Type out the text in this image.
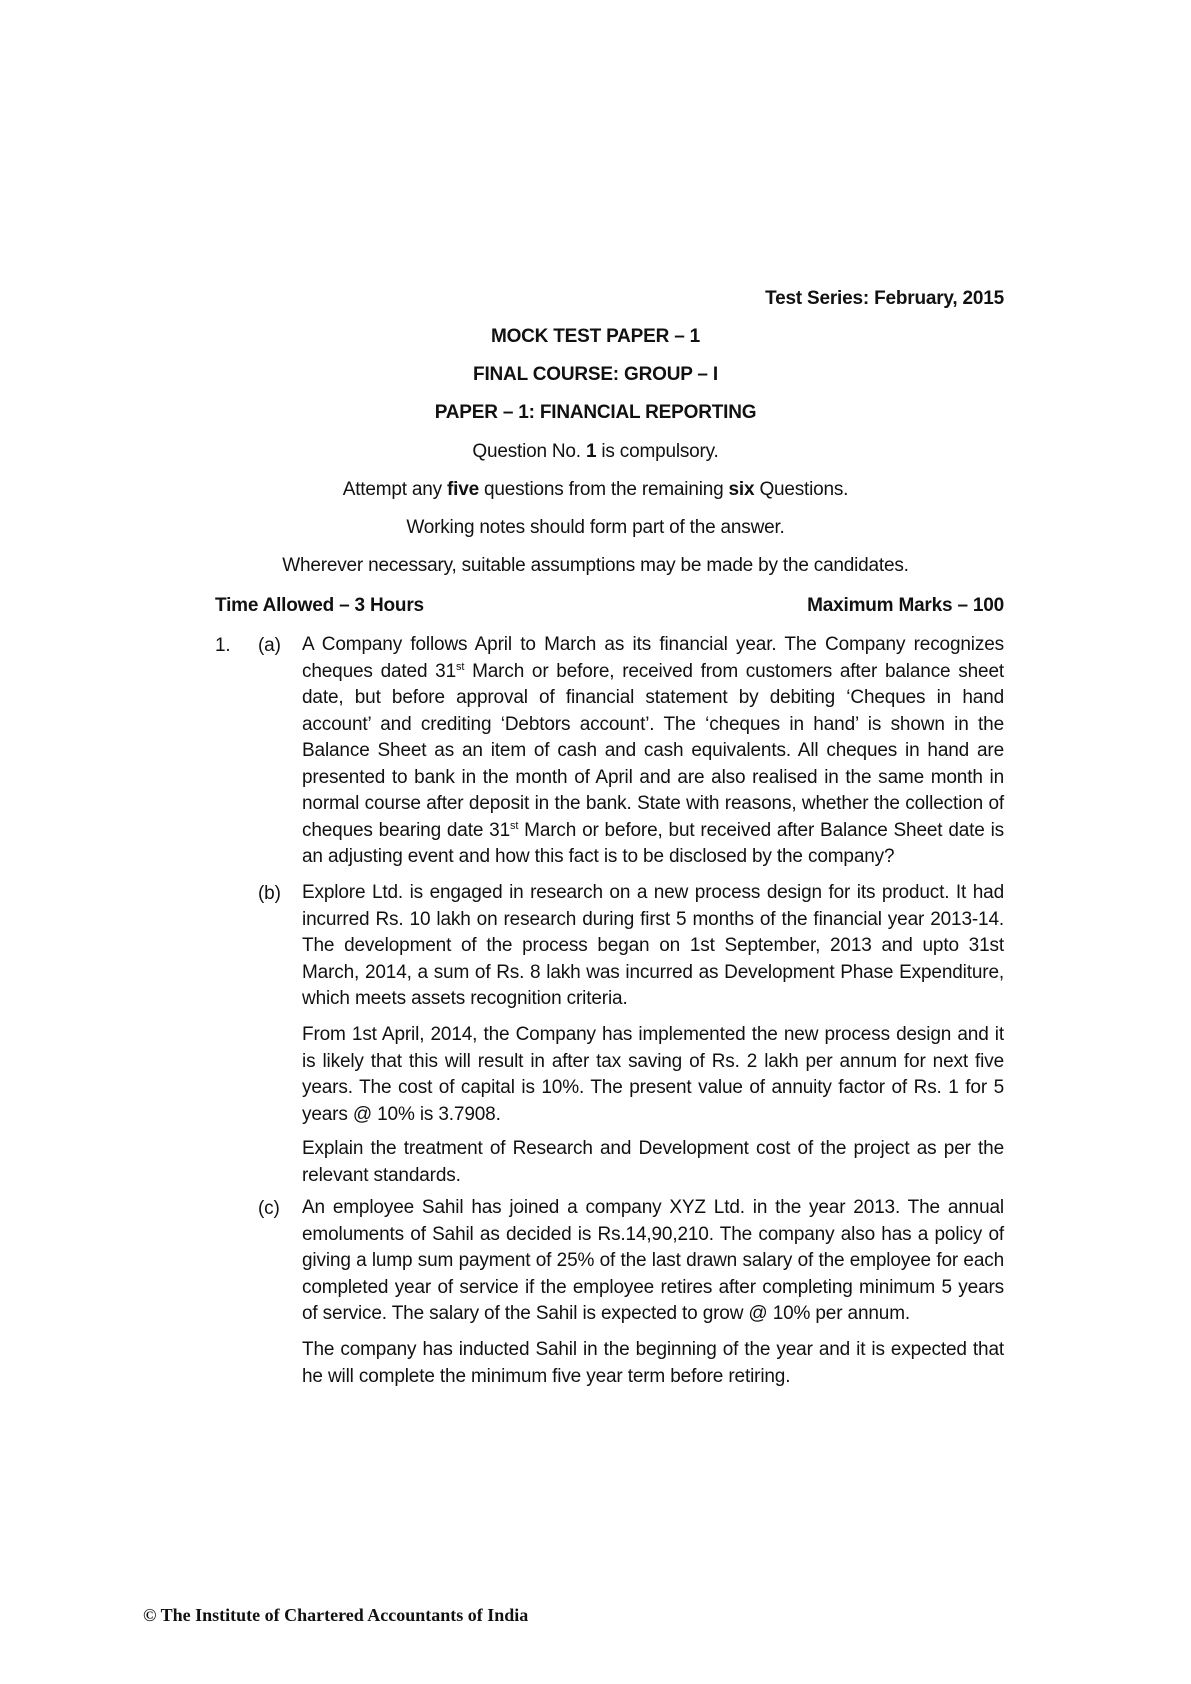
Test Series: February, 2015
MOCK TEST PAPER – 1
FINAL COURSE: GROUP – I
PAPER – 1: FINANCIAL REPORTING
Question No. 1 is compulsory.
Attempt any five questions from the remaining six Questions.
Working notes should form part of the answer.
Wherever necessary, suitable assumptions may be made by the candidates.
Time Allowed – 3 Hours	Maximum Marks – 100
1. (a) A Company follows April to March as its financial year. The Company recognizes cheques dated 31st March or before, received from customers after balance sheet date, but before approval of financial statement by debiting ‘Cheques in hand account’ and crediting ‘Debtors account’. The ‘cheques in hand’ is shown in the Balance Sheet as an item of cash and cash equivalents. All cheques in hand are presented to bank in the month of April and are also realised in the same month in normal course after deposit in the bank. State with reasons, whether the collection of cheques bearing date 31st March or before, but received after Balance Sheet date is an adjusting event and how this fact is to be disclosed by the company?
(b) Explore Ltd. is engaged in research on a new process design for its product. It had incurred Rs. 10 lakh on research during first 5 months of the financial year 2013-14. The development of the process began on 1st September, 2013 and upto 31st March, 2014, a sum of Rs. 8 lakh was incurred as Development Phase Expenditure, which meets assets recognition criteria.
From 1st April, 2014, the Company has implemented the new process design and it is likely that this will result in after tax saving of Rs. 2 lakh per annum for next five years. The cost of capital is 10%. The present value of annuity factor of Rs. 1 for 5 years @ 10% is 3.7908.
Explain the treatment of Research and Development cost of the project as per the relevant standards.
(c) An employee Sahil has joined a company XYZ Ltd. in the year 2013. The annual emoluments of Sahil as decided is Rs.14,90,210. The company also has a policy of giving a lump sum payment of 25% of the last drawn salary of the employee for each completed year of service if the employee retires after completing minimum 5 years of service. The salary of the Sahil is expected to grow @ 10% per annum.
The company has inducted Sahil in the beginning of the year and it is expected that he will complete the minimum five year term before retiring.
© The Institute of Chartered Accountants of India
